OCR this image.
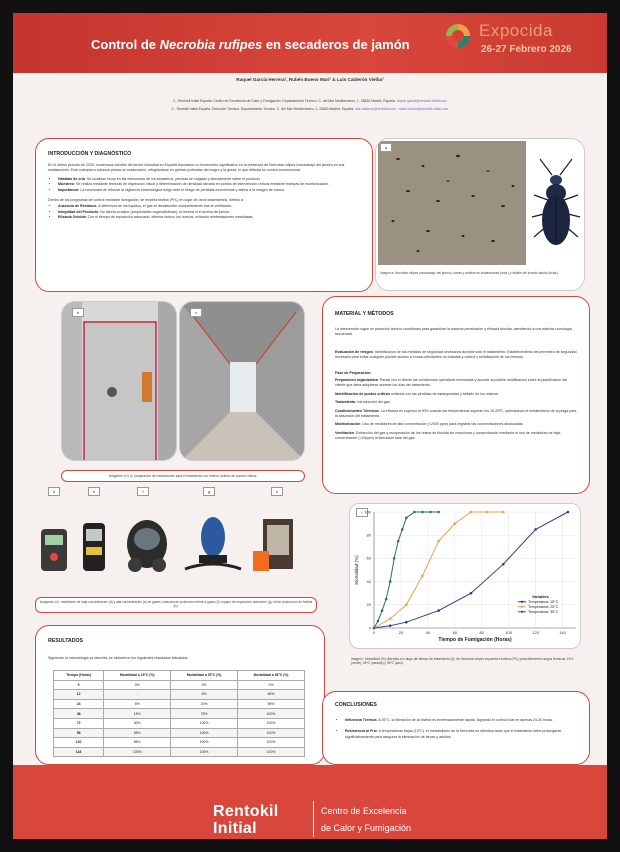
Control de Necrobia rufipes en secaderos de jamón
Expocida
26-27 Febrero 2026
Raquel García Herrera¹, Rubén Bueno Marí² & Luis Calderón Vielba²
1.- Rentokil Initial España. Centro de Excelencia de Calor y Fumigación. Departamento Técnico. C. del Mar Mediterráneo, 1, 28830 Madrid, España. raquel.garcia@rentokil-initial.com
2.- Rentokil Initial España. Dirección Técnica. Departamento Técnico. C. del Mar Mediterráneo, 1, 28830 Madrid, España. luis.calderon@rentokil.com ; ruben.bueno@rentokil-initial.com
INTRODUCCIÓN Y DIAGNÓSTICO
En el último periodo de 2025, numerosos clientes del sector industrial en España reportaron un incremento significativo en la presencia de Necrobia rufipes (escarabajo del jamón) en sus instalaciones. Este coleóptero coloniza piezas en maduración, refugiándose en grietas profundas del magro y la grasa, lo que dificulta su control convencional.
• Hábitats de cría: Se localizan focos en las estructuras de los secaderos, perchas de colgado y directamente sobre el producto.
• Muestreo: Se realiza mediante técnicas de inspección visual y determinación de densidad larvaria en puntos de intervención críticos mediante trampas de monitorización.
• Importancia: La necesidad de reforzar la vigilancia entomológica surge ante el riesgo de pérdidas económicas y daños a la imagen de marca.
Dentro de los programas de control mediante fumigación, se emplea fosfina (PH₃) en lugar de otros tratamientos, debido a:
• Ausencia de Residuos: A diferencia de los líquidos, el gas se desabsorbe completamente tras la ventilación.
• Integridad del Producto: No afecta al sabor (propiedades organolépticas), la textura ni el aroma del jamón.
• Eficacia Ovicida: Con el tiempo de exposición adecuado, elimina incluso los huevos, evitando reinfestaciones inmediatas.
a
Imagen a: Necrobia rufipes (escarabajo del jamón), larvas y adultos en instalaciones (izda.) y detalle del insecto adulto (dcha.).
b	c
Imágenes (b y c): preparación de instalaciones para el tratamiento con fosfina, sellado de puntos críticos.
MATERIAL Y MÉTODOS
La intervención sigue un protocolo técnico coordinado para garantizar la máxima penetración y eficacia biocida, atendiendo a una estricta cronología secuencial.
Evaluación de riesgos: Identificación de las medidas de seguridad necesarias durante todo el tratamiento. Establecimiento del perímetro de seguridad necesario para evitar cualquier posible acceso a zonas colindantes no tratadas y control y señalización de los mismos.
Fase de Preparación:
Preparación organizativa: Pactar con el cliente las condiciones operativas necesarias y acordar la posible modificación sobre la planificación del cliente que deba adoptarse durante los días del tratamiento.
Identificación de puntos críticos sellados con las pérdidas de estanqueidad y sellado de los mismos.
Tratamiento: Introducción del gas.
Condicionantes Térmicos: La eficacia es superior al 90% cuando las temperaturas superan los 15-20ºC, optimizando el metabolismo de la plaga para la absorción del tratamiento.
Monitorización: Uso de medidores de alta concentración (<2000 ppm) para registrar las concentraciones alcanzadas.
Ventilación: Extracción del gas y recuperación de los restos de biocida sin reaccionar y comprobación mediante el uso de medidores de baja concentración (<20ppm) la liberación total del gas.
d	e	f	g	h
Imágenes d-h: medidores de baja concentración (d) y alta concentración (e) de gases; máscara de protección frente a gases (f); equipo de respiración autónomo (g); kit de producción de fosfina (h).
i
0
20
40
60
80
100
0	20	40	60	80	100	120	140
Tiempo de Fumigación (Horas)
Mortalidad (%)
Variables
Temperatura: 15°C
Temperatura: 25°C
Temperatura: 35°C
Imagen i: Mortalidad (%) obtenida a lo largo del tiempo de tratamiento (h), de Necrobia rufipes expuesta a fosfina (PH₃) para diferentes rangos térmicos: 15ºC (verde), 25ºC (naranja) y 35ºC (azul).
RESULTADOS
Siguiendo la metodología ya descrita, se obtuvieron los siguientes resultados tabulados:
Tiempo (Horas)	Mortalidad a 15°C (%)	Mortalidad a 25°C (%)	Mortalidad a 35°C (%)
0	0%	0%	0%
12	-	8%	60%
24	5%	20%	95%
48	15%	75%	100%
72	30%	100%	100%
96	55%	100%	100%
120	85%	100%	100%
144	100%	100%	100%
CONCLUSIONES
• Influencia Térmica: A 35°C, la liberación de la fosfina es extremadamente rápida, logrando el control total en apenas 24-30 horas.
• Resistencia al Frío: A temperaturas bajas (15°C), el metabolismo de la Necrobia se ralentiza tanto que el tratamiento debe prolongarse significativamente para asegurar la eliminación de larvas y adultos.
Rentokil
Initial
Centro de Excelencia
de Calor y Fumigación
